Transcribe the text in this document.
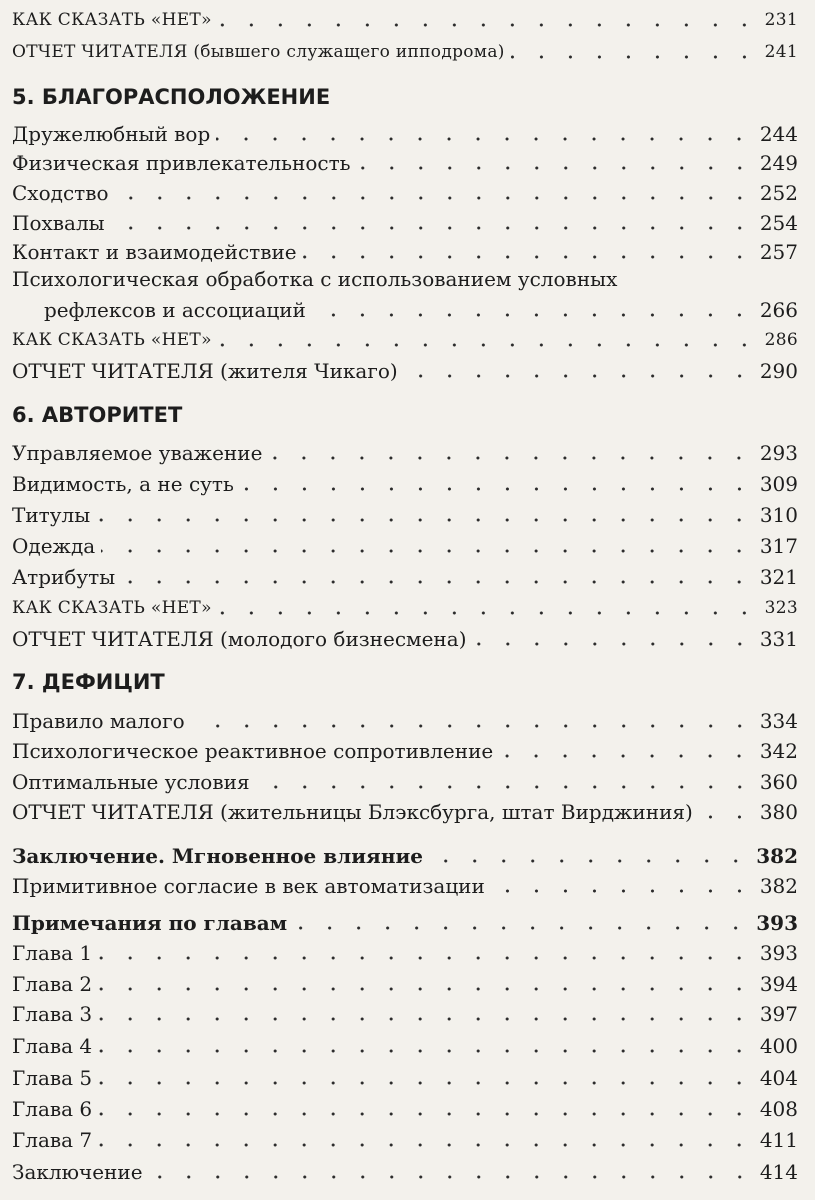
КАК СКАЗАТЬ «НЕТ»	231
ОТЧЕТ ЧИТАТЕЛЯ (бывшего служащего ипподрома)	241
5. БЛАГОРАСПОЛОЖЕНИЕ
Дружелюбный вор	244
Физическая привлекательность	249
Сходство	252
Похвалы	254
Контакт и взаимодействие	257
Психологическая обработка с использованием условных
рефлексов и ассоциаций	266
КАК СКАЗАТЬ «НЕТ»	286
ОТЧЕТ ЧИТАТЕЛЯ (жителя Чикаго)	290
6. АВТОРИТЕТ
Управляемое уважение	293
Видимость, а не суть	309
Титулы	310
Одежда	317
Атрибуты	321
КАК СКАЗАТЬ «НЕТ»	323
ОТЧЕТ ЧИТАТЕЛЯ (молодого бизнесмена)	331
7. ДЕФИЦИТ
Правило малого	334
Психологическое реактивное сопротивление	342
Оптимальные условия	360
ОТЧЕТ ЧИТАТЕЛЯ (жительницы Блэксбурга, штат Вирджиния)	380
Заключение. Мгновенное влияние	382
Примитивное согласие в век автоматизации	382
Примечания по главам	393
Глава 1	393
Глава 2	394
Глава 3	397
Глава 4	400
Глава 5	404
Глава 6	408
Глава 7	411
Заключение	414
